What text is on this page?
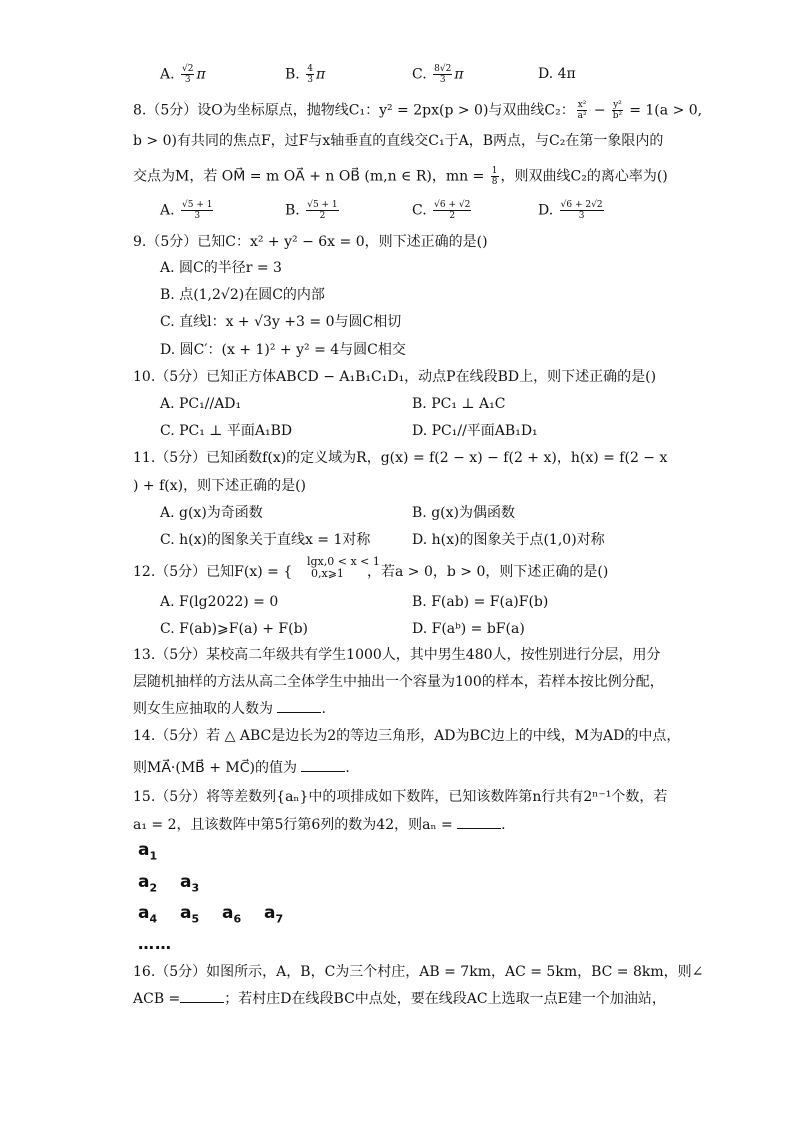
A. $\frac{√2}{3}$ π	B. $\frac{4}{3}$ π	C. $\frac{8√2}{3}$ π	D. 4π
8.（5分）设O为坐标原点，抛物线C₁：y² = 2px(p > 0)与双曲线C₂： $\frac{\text{x²}}{\text{a²}} - \frac{\text{y²}}{\text{b²}} = 1(a > 0$,
b > 0)有共同的焦点F，过F与x轴垂直的直线交C₁于A，B两点，与C₂在第一象限内的
交点为M，若 OM⃗ = m OA⃗ + n OB⃗ (m,n ∈ R)，mn = $\frac{1}{8}$ ，则双曲线C₂的离心率为()
A. $\frac{√5 + 1}{3}$	B. $\frac{√5 + 1}{2}$	C. $\frac{√6 + √2}{2}$	D. $\frac{√6 + 2√2}{3}$
9.（5分）已知C：x² + y² − 6x = 0，则下述正确的是()
A. 圆C的半径r = 3
B. 点(1,2√2)在圆C的内部
C. 直线l：x + √3y +3 = 0与圆C相切
D. 圆C′：(x + 1)² + y² = 4与圆C相交
10.（5分）已知正方体ABCD − A₁B₁C₁D₁，动点P在线段BD上，则下述正确的是()
A. PC₁//AD₁	B. PC₁ ⊥ A₁C
C. PC₁ ⊥ 平面A₁BD	D. PC₁//平面AB₁D₁
11.（5分）已知函数f(x)的定义域为R，g(x) = f(2 − x) − f(2 + x)，h(x) = f(2 − x
) + f(x)，则下述正确的是()
A. g(x)为奇函数	B. g(x)为偶函数
C. h(x)的图象关于直线x = 1对称	D. h(x)的图象关于点(1,0)对称
12.（5分）已知F(x) = {
lgx,0 < x < 1
0,x⩾1	，若a > 0，b > 0，则下述正确的是()
A. F(lg2022) = 0	B. F(ab) = F(a)F(b)
C. F(ab)⩾F(a) + F(b)	D. F(aᵇ) = bF(a)
13.（5分）某校高二年级共有学生1000人，其中男生480人，按性别进行分层，用分
层随机抽样的方法从高二全体学生中抽出一个容量为100的样本，若样本按比例分配，
则女生应抽取的人数为	.
14.（5分）若 △ ABC是边长为2的等边三角形，AD为BC边上的中线，M为AD的中点，
则MA⃗·(MB⃗ + MC⃗)的值为	.
15.（5分）将等差数列{aₙ}中的项排成如下数阵，已知该数阵第n行共有2ⁿ⁻¹个数，若
a₁ = 2，且该数阵中第5行第6列的数为42，则aₙ =	.
$a_1$
$a_2$ $a_3$
$a_4$ $a_5$ $a_6$ $a_7$
……
16.（5分）如图所示，A，B，C为三个村庄，AB = 7km，AC = 5km，BC = 8km，则∠
ACB =	；若村庄D在线段BC中点处，要在线段AC上选取一点E建一个加油站，
